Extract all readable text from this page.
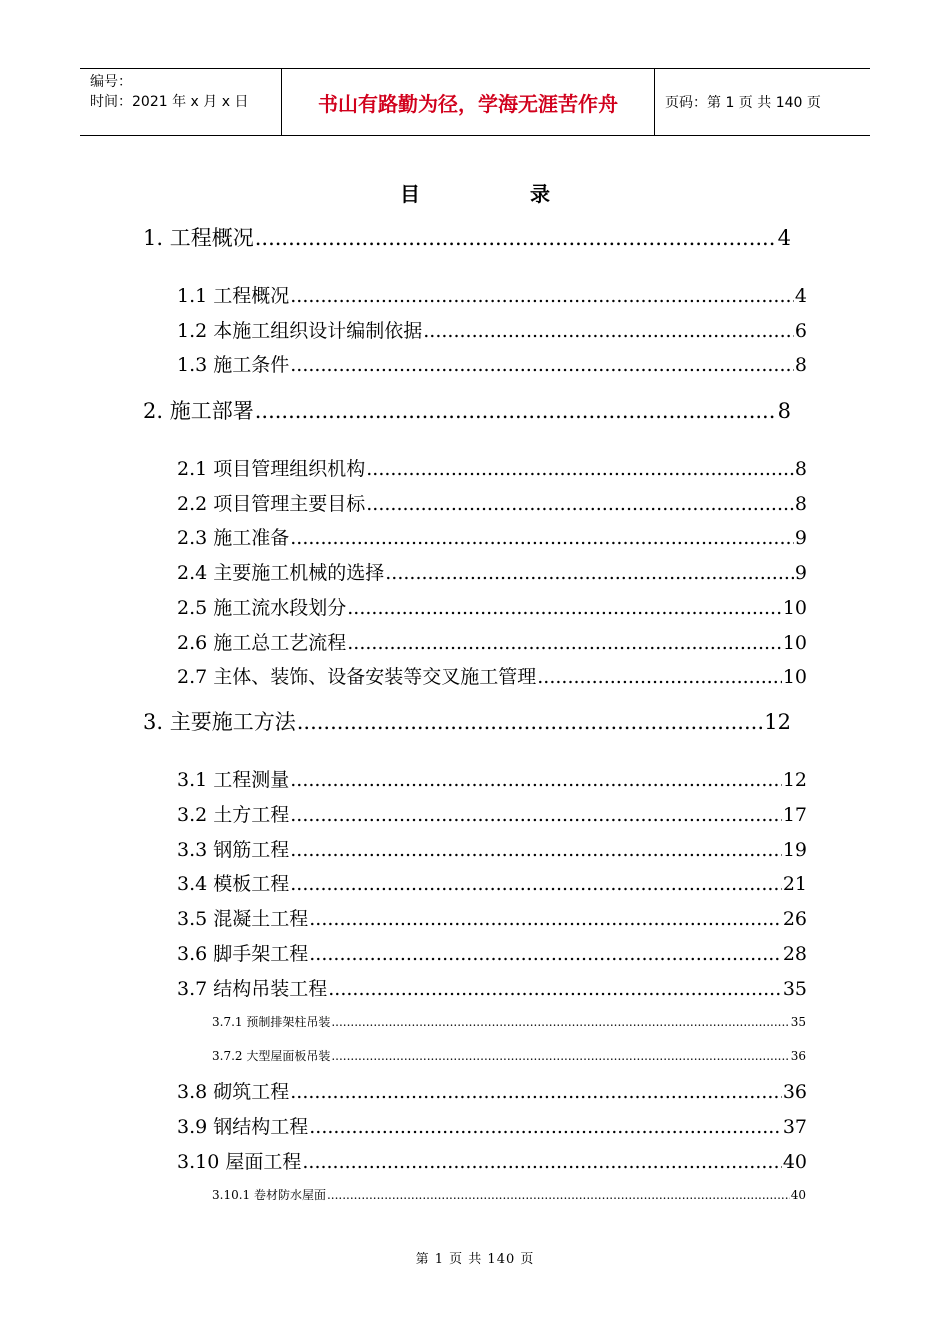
编号：
时间：2021 年 x 月 x 日	书山有路勤为径，学海无涯苦作舟	页码：第 1 页 共 140 页
目	录
1. 工程概况 .....	4
1.1 工程概况 .....	4
1.2 本施工组织设计编制依据 .....	6
1.3 施工条件 .....	8
2. 施工部署 .....	8
2.1 项目管理组织机构 .....	8
2.2 项目管理主要目标 .....	8
2.3 施工准备 .....	9
2.4 主要施工机械的选择 .....	9
2.5 施工流水段划分 .....	10
2.6 施工总工艺流程 .....	10
2.7 主体、装饰、设备安装等交叉施工管理 .....	10
3. 主要施工方法 .....	12
3.1 工程测量 .....	12
3.2 土方工程 .....	17
3.3 钢筋工程 .....	19
3.4 模板工程 .....	21
3.5 混凝土工程 .....	26
3.6 脚手架工程 .....	28
3.7 结构吊装工程 .....	35
3.7.1 预制排架柱吊装 .....	35
3.7.2 大型屋面板吊装 .....	36
3.8 砌筑工程 .....	36
3.9 钢结构工程 .....	37
3.10 屋面工程 .....	40
3.10.1 卷材防水屋面 .....	40
第 1 页 共 140 页
